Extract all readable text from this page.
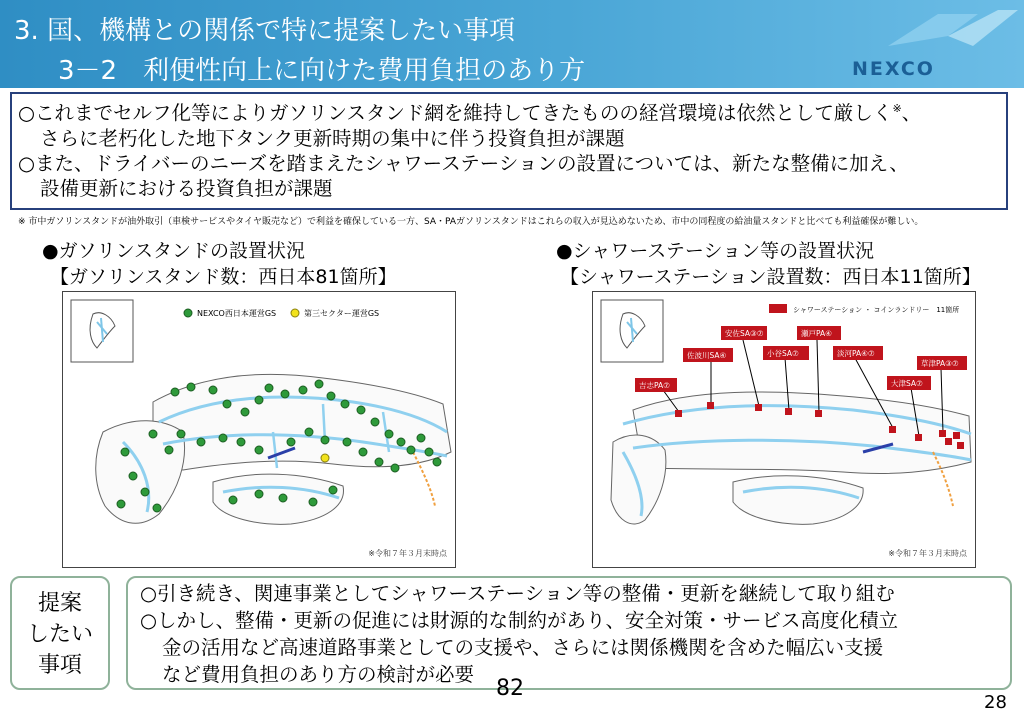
3. 国、機構との関係で特に提案したい事項
3－2　利便性向上に向けた費用負担のあり方	NEXCO
○これまでセルフ化等によりガソリンスタンド網を維持してきたものの経営環境は依然として厳しく※、
さらに老朽化した地下タンク更新時期の集中に伴う投資負担が課題
○また、ドライバーのニーズを踏まえたシャワーステーションの設置については、新たな整備に加え、
設備更新における投資負担が課題
※ 市中ガソリンスタンドが油外取引（車検サービスやタイヤ販売など）で利益を確保している一方、SA・PAガソリンスタンドはこれらの収入が見込めないため、市中の同程度の給油量スタンドと比べても利益確保が難しい。
●ガソリンスタンドの設置状況
【ガソリンスタンド数：西日本81箇所】
NEXCO西日本運営GS	第三セクター運営GS
※令和７年３月末時点
●シャワーステーション等の設置状況
【シャワーステーション設置数：西日本11箇所】
シャワーステーション ・ コインランドリー　11箇所
吉志PA⑦
佐波川SA④
安佐SA③⑦
小谷SA⑦
瀬戸PA④
淡河PA④⑦
草津PA③⑦
大津SA⑦
※令和７年３月末時点
提案
したい
事項
○引き続き、関連事業としてシャワーステーション等の整備・更新を継続して取り組む
○しかし、整備・更新の促進には財源的な制約があり、安全対策・サービス高度化積立
金の活用など高速道路事業としての支援や、さらには関係機関を含めた幅広い支援
など費用負担のあり方の検討が必要
82
28
